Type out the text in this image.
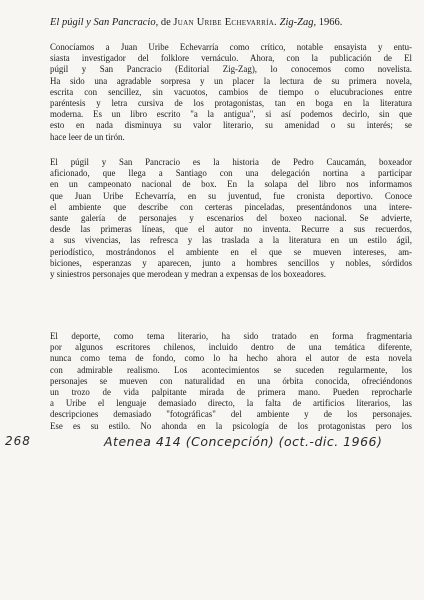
El púgil y San Pancracio, de Juan Uribe Echevarría. Zig-Zag, 1966.

Conocíamos a Juan Uribe Echevarría como crítico, notable ensayista y entu-
siasta investigador del folklore vernáculo. Ahora, con la publicación de El
púgil y San Pancracio (Editorial Zig-Zag), lo conocemos como novelista.
Ha sido una agradable sorpresa y un placer la lectura de su primera novela,
escrita con sencillez, sin vacuotos, cambios de tiempo o elucubraciones entre
paréntesis y letra cursiva de los protagonistas, tan en boga en la literatura
moderna. Es un libro escrito "a la antigua", si así podemos decirlo, sin que
esto en nada disminuya su valor literario, su amenidad o su interés; se
hace leer de un tirón.

El púgil y San Pancracio es la historia de Pedro Caucamán, boxeador
aficionado, que llega a Santiago con una delegación nortina a participar
en un campeonato nacional de box. En la solapa del libro nos informamos
que Juan Uribe Echevarría, en su juventud, fue cronista deportivo. Conoce
el ambiente que describe con certeras pinceladas, presentándonos una intere-
sante galería de personajes y escenarios del boxeo nacional. Se advierte,
desde las primeras líneas, que el autor no inventa. Recurre a sus recuerdos,
a sus vivencias, las refresca y las traslada a la literatura en un estilo ágil,
periodístico, mostrándonos el ambiente en el que se mueven intereses, am-
biciones, esperanzas y aparecen, junto a hombres sencillos y nobles, sórdidos
y siniestros personajes que merodean y medran a expensas de los boxeadores.

El deporte, como tema literario, ha sido tratado en forma fragmentaria
por algunos escritores chilenos, incluido dentro de una temática diferente,
nunca como tema de fondo, como lo ha hecho ahora el autor de esta novela
con admirable realismo. Los acontecimientos se suceden regularmente, los
personajes se mueven con naturalidad en una órbita conocida, ofreciéndonos
un trozo de vida palpitante mirada de primera mano. Pueden reprocharle
a Uribe el lenguaje demasiado directo, la falta de artificios literarios, las
descripciones demasiado "fotográficas" del ambiente y de los personajes.
Ese es su estilo. No ahonda en la psicología de los protagonistas pero los

268	Atenea 414 (Concepción) (oct.-dic. 1966)
